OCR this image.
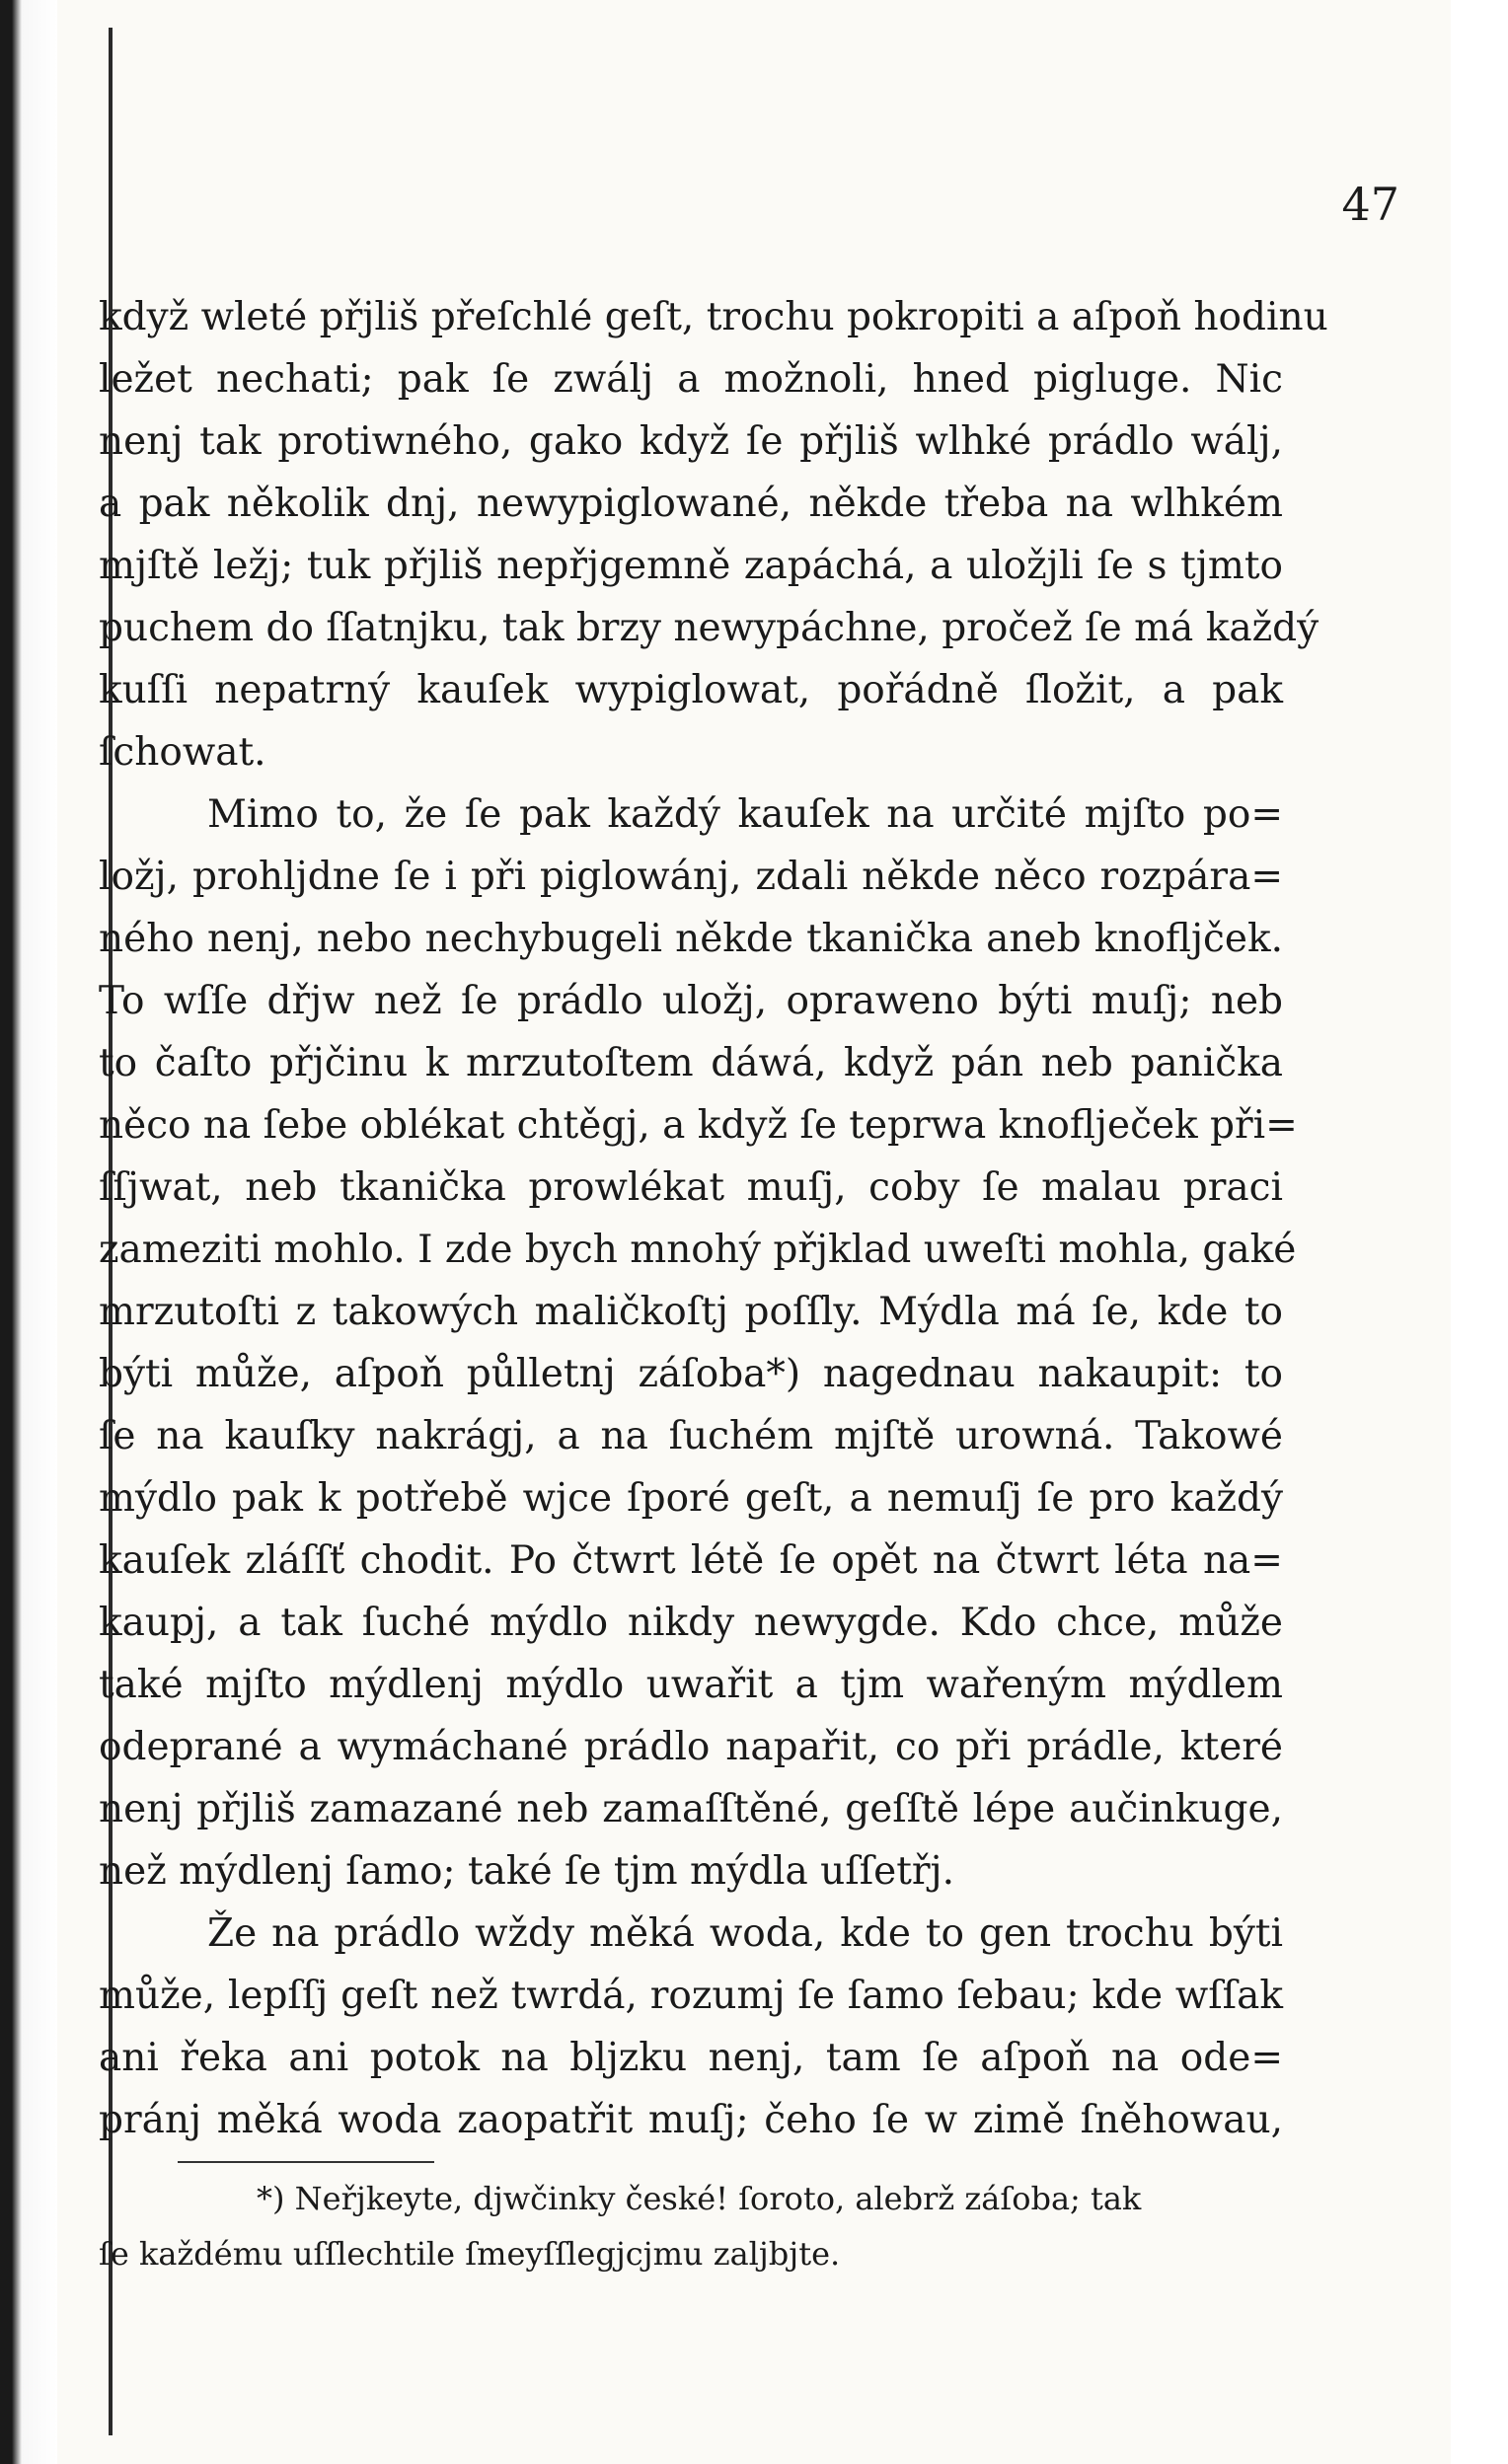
47

když wleté přjliš přeſchlé geſt, trochu pokropiti a aſpoň hodinu
ležet nechati; pak ſe zwálj a možnoli, hned pigluge. Nic
nenj tak protiwného, gako když ſe přjliš wlhké prádlo wálj,
a pak několik dnj, newypiglowané, někde třeba na wlhkém
mjſtě ležj; tuk přjliš nepřjgemně zapáchá, a uložjli ſe s tjmto
puchem do ſſatnjku, tak brzy newypáchne, pročež ſe má každý
kuſſi nepatrný kauſek wypiglowat, pořádně ſložit, a pak
ſchowat.

Mimo to, že ſe pak každý kauſek na určité mjſto po=
ložj, prohljdne ſe i při piglowánj, zdali někde něco rozpára=
ného nenj, nebo nechybugeli někde tkanička aneb knofljček.
To wſſe dřjw než ſe prádlo uložj, opraweno býti muſj; neb
to čaſto přjčinu k mrzutoſtem dáwá, když pán neb panička
něco na ſebe oblékat chtěgj, a když ſe teprwa knoflječek při=
ſſjwat, neb tkanička prowlékat muſj, coby ſe malau praci
zameziti mohlo. I zde bych mnohý přjklad uweſti mohla, gaké
mrzutoſti z takowých maličkoſtj poſſly. Mýdla má ſe, kde to
býti může, aſpoň půlletnj záſoba*) nagednau nakaupit: to
ſe na kauſky nakrágj, a na ſuchém mjſtě urowná. Takowé
mýdlo pak k potřebě wjce ſporé geſt, a nemuſj ſe pro každý
kauſek zláſſť chodit. Po čtwrt létě ſe opět na čtwrt léta na=
kaupj, a tak ſuché mýdlo nikdy newygde. Kdo chce, může
také mjſto mýdlenj mýdlo uwařit a tjm wařeným mýdlem
odeprané a wymáchané prádlo napařit, co při prádle, které
nenj přjliš zamazané neb zamaſſtěné, geſſtě lépe aučinkuge,
než mýdlenj ſamo; také ſe tjm mýdla uſſetřj.

Že na prádlo wždy měká woda, kde to gen trochu býti
může, lepſſj geſt než twrdá, rozumj ſe ſamo ſebau; kde wſſak
ani řeka ani potok na bljzku nenj, tam ſe aſpoň na ode=
pránj měká woda zaopatřit muſj; čeho ſe w zimě ſněhowau,

*) Neřjkeyte, djwčinky české! ſoroto, alebrž záſoba; tak
ſe každému uſſlechtile ſmeyſſlegjcjmu zaljbjte.
